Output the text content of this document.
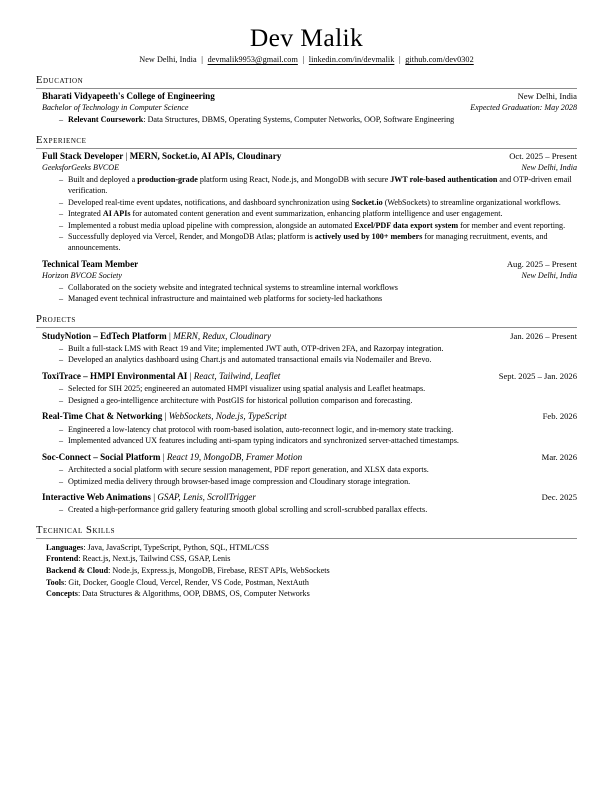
Dev Malik
New Delhi, India | devmalik9953@gmail.com | linkedin.com/in/devmalik | github.com/dev0302
Education
Bharati Vidyapeeth's College of Engineering	New Delhi, India
Bachelor of Technology in Computer Science	Expected Graduation: May 2028
– Relevant Coursework: Data Structures, DBMS, Operating Systems, Computer Networks, OOP, Software Engineering
Experience
Full Stack Developer | MERN, Socket.io, AI APIs, Cloudinary	Oct. 2025 – Present
GeeksforGeeks BVCOE	New Delhi, India
– Built and deployed a production-grade platform using React, Node.js, and MongoDB with secure JWT role-based authentication and OTP-driven email verification.
– Developed real-time event updates, notifications, and dashboard synchronization using Socket.io (WebSockets) to streamline organizational workflows.
– Integrated AI APIs for automated content generation and event summarization, enhancing platform intelligence and user engagement.
– Implemented a robust media upload pipeline with compression, alongside an automated Excel/PDF data export system for member and event reporting.
– Successfully deployed via Vercel, Render, and MongoDB Atlas; platform is actively used by 100+ members for managing recruitment, events, and announcements.
Technical Team Member	Aug. 2025 – Present
Horizon BVCOE Society	New Delhi, India
– Collaborated on the society website and integrated technical systems to streamline internal workflows
– Managed event technical infrastructure and maintained web platforms for society-led hackathons
Projects
StudyNotion – EdTech Platform | MERN, Redux, Cloudinary	Jan. 2026 – Present
– Built a full-stack LMS with React 19 and Vite; implemented JWT auth, OTP-driven 2FA, and Razorpay integration.
– Developed an analytics dashboard using Chart.js and automated transactional emails via Nodemailer and Brevo.
ToxiTrace – HMPI Environmental AI | React, Tailwind, Leaflet	Sept. 2025 – Jan. 2026
– Selected for SIH 2025; engineered an automated HMPI visualizer using spatial analysis and Leaflet heatmaps.
– Designed a geo-intelligence architecture with PostGIS for historical pollution comparison and forecasting.
Real-Time Chat & Networking | WebSockets, Node.js, TypeScript	Feb. 2026
– Engineered a low-latency chat protocol with room-based isolation, auto-reconnect logic, and in-memory state tracking.
– Implemented advanced UX features including anti-spam typing indicators and synchronized server-attached timestamps.
Soc-Connect – Social Platform | React 19, MongoDB, Framer Motion	Mar. 2026
– Architected a social platform with secure session management, PDF report generation, and XLSX data exports.
– Optimized media delivery through browser-based image compression and Cloudinary storage integration.
Interactive Web Animations | GSAP, Lenis, ScrollTrigger	Dec. 2025
– Created a high-performance grid gallery featuring smooth global scrolling and scroll-scrubbed parallax effects.
Technical Skills
Languages: Java, JavaScript, TypeScript, Python, SQL, HTML/CSS
Frontend: React.js, Next.js, Tailwind CSS, GSAP, Lenis
Backend & Cloud: Node.js, Express.js, MongoDB, Firebase, REST APIs, WebSockets
Tools: Git, Docker, Google Cloud, Vercel, Render, VS Code, Postman, NextAuth
Concepts: Data Structures & Algorithms, OOP, DBMS, OS, Computer Networks
